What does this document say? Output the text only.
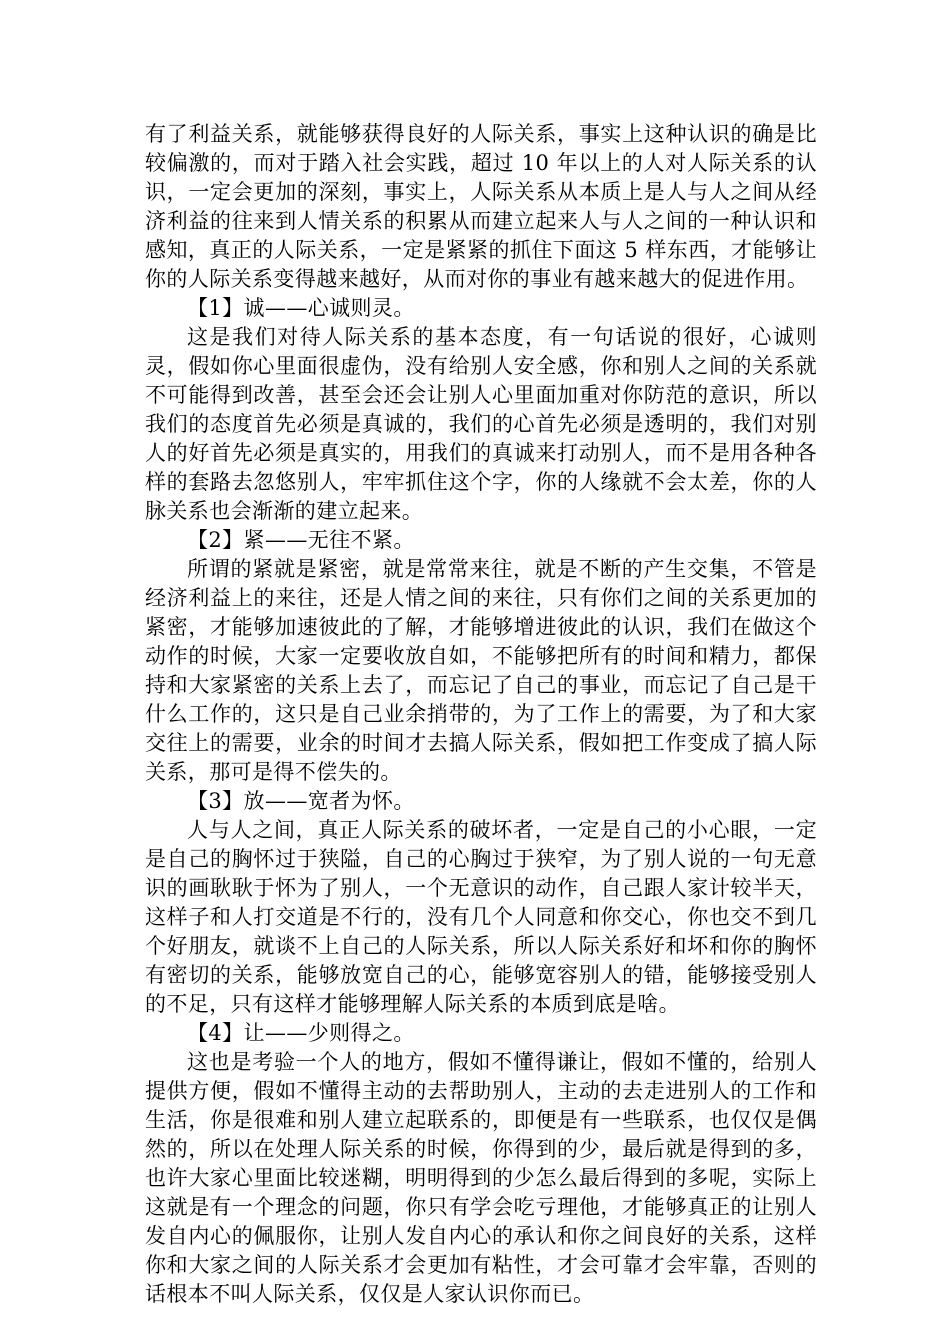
有了利益关系，就能够获得良好的人际关系，事实上这种认识的确是比较偏激的，而对于踏入社会实践，超过 10 年以上的人对人际关系的认识，一定会更加的深刻，事实上，人际关系从本质上是人与人之间从经济利益的往来到人情关系的积累从而建立起来人与人之间的一种认识和感知，真正的人际关系，一定是紧紧的抓住下面这 5 样东西，才能够让你的人际关系变得越来越好，从而对你的事业有越来越大的促进作用。

【1】诚——心诚则灵。

这是我们对待人际关系的基本态度，有一句话说的很好，心诚则灵，假如你心里面很虚伪，没有给别人安全感，你和别人之间的关系就不可能得到改善，甚至会还会让别人心里面加重对你防范的意识，所以我们的态度首先必须是真诚的，我们的心首先必须是透明的，我们对别人的好首先必须是真实的，用我们的真诚来打动别人，而不是用各种各样的套路去忽悠别人，牢牢抓住这个字，你的人缘就不会太差，你的人脉关系也会渐渐的建立起来。

【2】紧——无往不紧。

所谓的紧就是紧密，就是常常来往，就是不断的产生交集，不管是经济利益上的来往，还是人情之间的来往，只有你们之间的关系更加的紧密，才能够加速彼此的了解，才能够增进彼此的认识，我们在做这个动作的时候，大家一定要收放自如，不能够把所有的时间和精力，都保持和大家紧密的关系上去了，而忘记了自己的事业，而忘记了自己是干什么工作的，这只是自己业余捎带的，为了工作上的需要，为了和大家交往上的需要，业余的时间才去搞人际关系，假如把工作变成了搞人际关系，那可是得不偿失的。

【3】放——宽者为怀。

人与人之间，真正人际关系的破坏者，一定是自己的小心眼，一定是自己的胸怀过于狭隘，自己的心胸过于狭窄，为了别人说的一句无意识的画耿耿于怀为了别人，一个无意识的动作，自己跟人家计较半天，这样子和人打交道是不行的，没有几个人同意和你交心，你也交不到几个好朋友，就谈不上自己的人际关系，所以人际关系好和坏和你的胸怀有密切的关系，能够放宽自己的心，能够宽容别人的错，能够接受别人的不足，只有这样才能够理解人际关系的本质到底是啥。

【4】让——少则得之。

这也是考验一个人的地方，假如不懂得谦让，假如不懂的，给别人提供方便，假如不懂得主动的去帮助别人，主动的去走进别人的工作和生活，你是很难和别人建立起联系的，即便是有一些联系，也仅仅是偶然的，所以在处理人际关系的时候，你得到的少，最后就是得到的多，也许大家心里面比较迷糊，明明得到的少怎么最后得到的多呢，实际上这就是有一个理念的问题，你只有学会吃亏理他，才能够真正的让别人发自内心的佩服你，让别人发自内心的承认和你之间良好的关系，这样你和大家之间的人际关系才会更加有粘性，才会可靠才会牢靠，否则的话根本不叫人际关系，仅仅是人家认识你而已。
